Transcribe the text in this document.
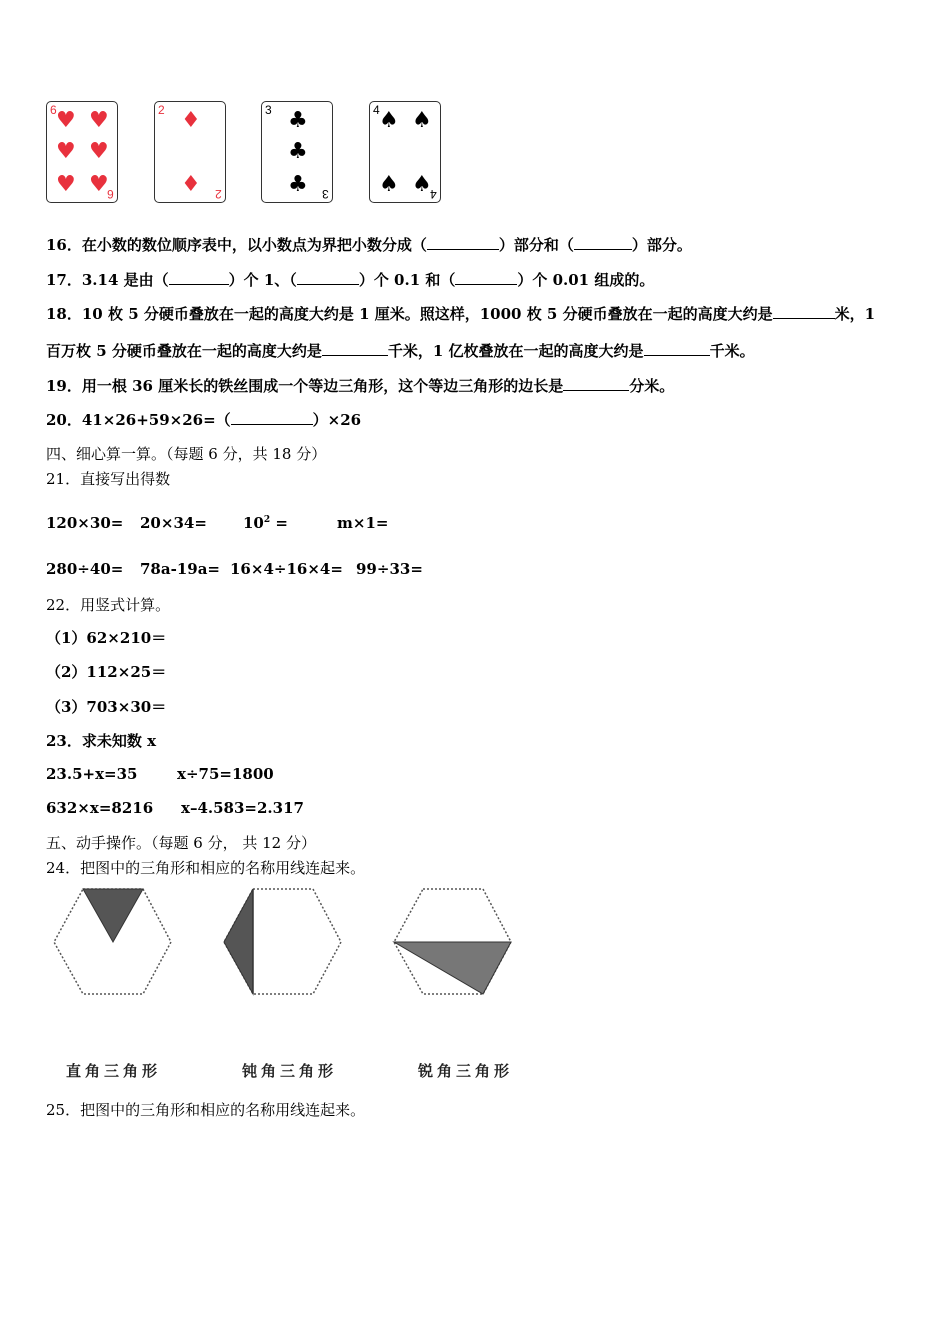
6
6
♥ ♥
♥ ♥
♥ ♥
2
2
♦
♦
3
3
♣
♣
♣
4
4
♠ ♠
♠ ♠
16．在小数的数位顺序表中，以小数点为界把小数分成（	）部分和（	）部分。
17．3.14 是由（	）个 1、（	）个 0.1 和（	）个 0.01 组成的。
18．10 枚 5 分硬币叠放在一起的高度大约是 1 厘米。照这样，1000 枚 5 分硬币叠放在一起的高度大约是	米，1
百万枚 5 分硬币叠放在一起的高度大约是	千米，1 亿枚叠放在一起的高度大约是	千米。
19．用一根 36 厘米长的铁丝围成一个等边三角形，这个等边三角形的边长是	分米。
20．41×26+59×26=（	）×26
四、细心算一算。（每题 6 分，共 18 分）
21．直接写出得数
$120\times 30= 20\times 34= 10^2$ =	m×1=
280÷40= 78a-19a= 16×4÷16×4= 99÷33=
22．用竖式计算。
（1）62×210＝
（2）112×25＝
（3）703×30＝
23．求未知数 x
23.5+x=35	x÷75=1800
632×x=8216 x–4.583=2.317
五、动手操作。（每题 6 分， 共 12 分）
24．把图中的三角形和相应的名称用线连起来。
直角三角形	钝角三角形	锐角三角形
25．把图中的三角形和相应的名称用线连起来。
